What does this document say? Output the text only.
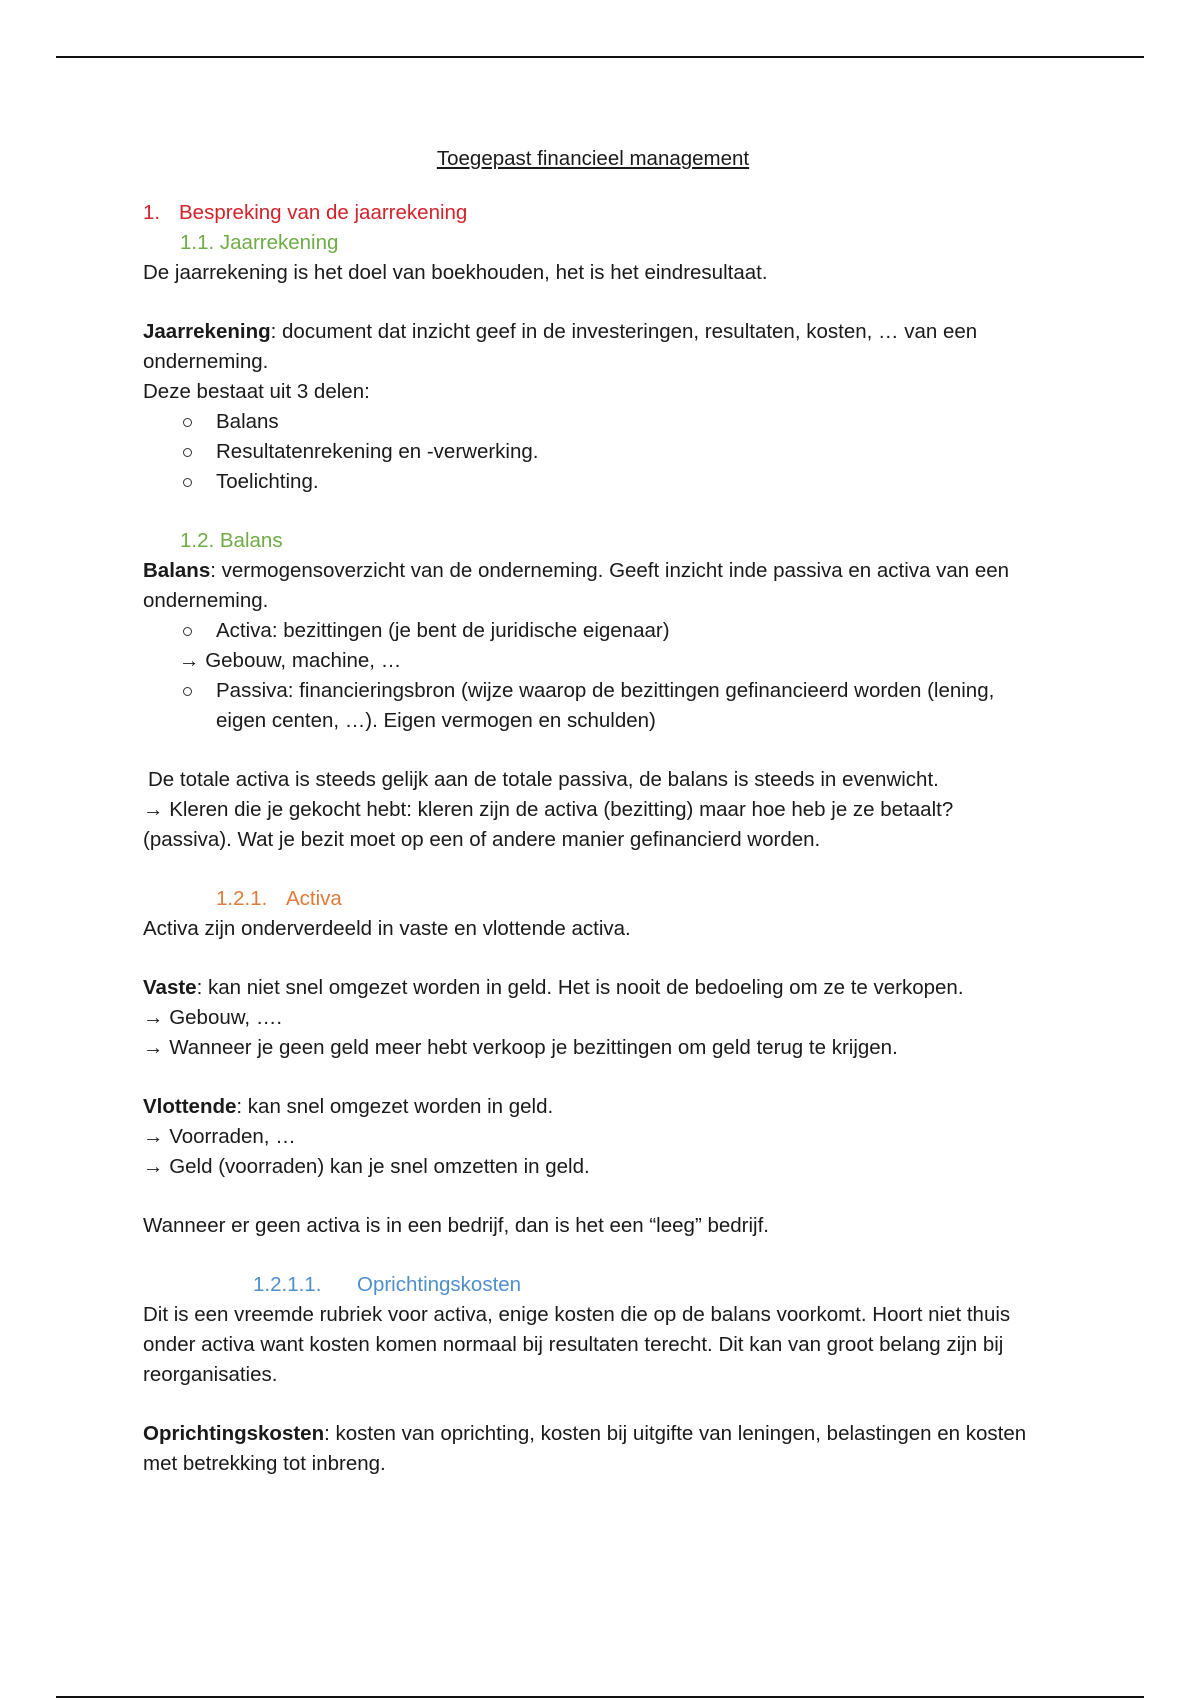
Toegepast financieel management
1. Bespreking van de jaarrekening
1.1. Jaarrekening

De jaarrekening is het doel van boekhouden, het is het eindresultaat.

Jaarrekening: document dat inzicht geef in de investeringen, resultaten, kosten, … van een onderneming.

Deze bestaat uit 3 delen:

Balans
Resultatenrekening en -verwerking.
Toelichting.
1.2. Balans

Balans: vermogensoverzicht van de onderneming. Geeft inzicht inde passiva en activa van een onderneming.

Activa: bezittingen (je bent de juridische eigenaar)

→ Gebouw, machine, …

Passiva: financieringsbron (wijze waarop de bezittingen gefinancieerd worden (lening, eigen centen, …). Eigen vermogen en schulden)

De totale activa is steeds gelijk aan de totale passiva, de balans is steeds in evenwicht.

→ Kleren die je gekocht hebt: kleren zijn de activa (bezitting) maar hoe heb je ze betaalt? (passiva). Wat je bezit moet op een of andere manier gefinancierd worden.

1.2.1. Activa

Activa zijn onderverdeeld in vaste en vlottende activa.

Vaste: kan niet snel omgezet worden in geld. Het is nooit de bedoeling om ze te verkopen.

→ Gebouw, ….

→ Wanneer je geen geld meer hebt verkoop je bezittingen om geld terug te krijgen.

Vlottende: kan snel omgezet worden in geld.

→ Voorraden, …

→ Geld (voorraden) kan je snel omzetten in geld.

Wanneer er geen activa is in een bedrijf, dan is het een “leeg” bedrijf.

1.2.1.1. Oprichtingskosten

Dit is een vreemde rubriek voor activa, enige kosten die op de balans voorkomt. Hoort niet thuis onder activa want kosten komen normaal bij resultaten terecht. Dit kan van groot belang zijn bij reorganisaties.

Oprichtingskosten: kosten van oprichting, kosten bij uitgifte van leningen, belastingen en kosten met betrekking tot inbreng.
